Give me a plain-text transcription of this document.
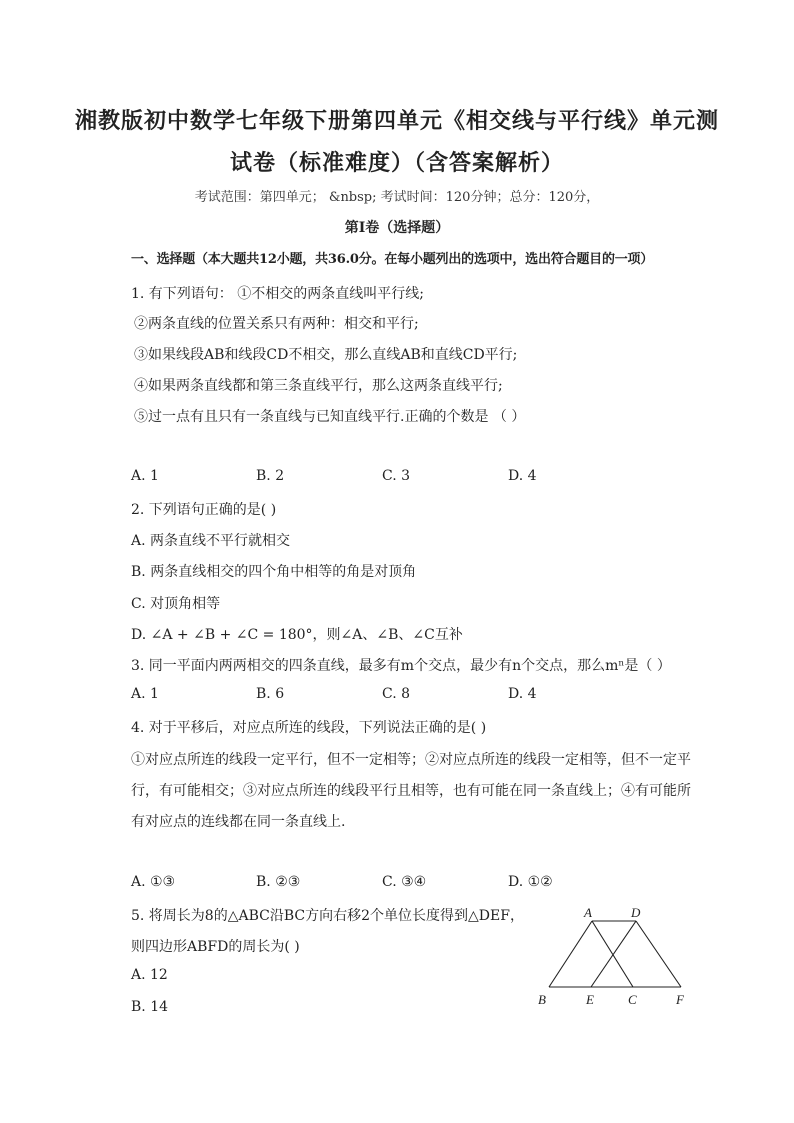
湘教版初中数学七年级下册第四单元《相交线与平行线》单元测
试卷（标准难度）（含答案解析）
考试范围：第四单元； &nbsp; 考试时间：120分钟；总分：120分，
第I卷（选择题）
一、选择题（本大题共12小题，共36.0分。在每小题列出的选项中，选出符合题目的一项）
1. 有下列语句： ①不相交的两条直线叫平行线;
②两条直线的位置关系只有两种：相交和平行;
③如果线段AB和线段CD不相交，那么直线AB和直线CD平行;
④如果两条直线都和第三条直线平行，那么这两条直线平行;
⑤过一点有且只有一条直线与已知直线平行.正确的个数是 （ ）
A. 1	B. 2	C. 3	D. 4
2. 下列语句正确的是( )
A. 两条直线不平行就相交
B. 两条直线相交的四个角中相等的角是对顶角
C. 对顶角相等
D. ∠A + ∠B + ∠C = 180°，则∠A、∠B、∠C互补
3. 同一平面内两两相交的四条直线，最多有m个交点，最少有n个交点，那么mⁿ是（ ）
A. 1	B. 6	C. 8	D. 4
4. 对于平移后，对应点所连的线段，下列说法正确的是( )
①对应点所连的线段一定平行，但不一定相等；②对应点所连的线段一定相等，但不一定平
行，有可能相交；③对应点所连的线段平行且相等，也有可能在同一条直线上；④有可能所
有对应点的连线都在同一条直线上.
A. ①③	B. ②③	C. ③④	D. ①②
5. 将周长为8的△ABC沿BC方向右移2个单位长度得到△DEF，
则四边形ABFD的周长为( )
A. 12
B. 14
A	D
B	E	C	F
